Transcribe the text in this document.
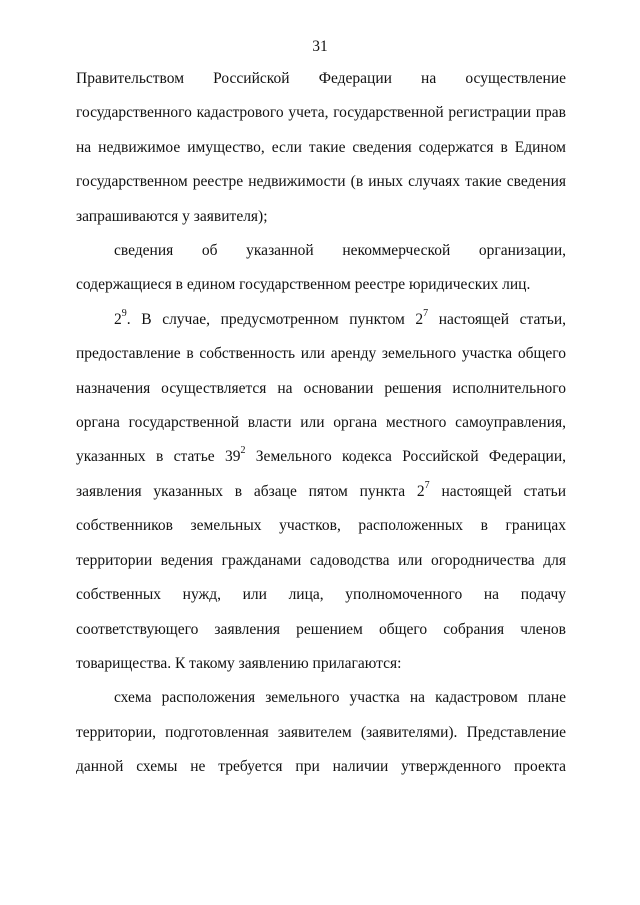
31

Правительством Российской Федерации на осуществление государственного кадастрового учета, государственной регистрации прав на недвижимое имущество, если такие сведения содержатся в Едином государственном реестре недвижимости (в иных случаях такие сведения запрашиваются у заявителя);

сведения об указанной некоммерческой организации, содержащиеся в едином государственном реестре юридических лиц.

$2^9$. В случае, предусмотренном пунктом $2^7$ настоящей статьи, предоставление в собственность или аренду земельного участка общего назначения осуществляется на основании решения исполнительного органа государственной власти или органа местного самоуправления, указанных в статье $39^2$ Земельного кодекса Российской Федерации, заявления указанных в абзаце пятом пункта $2^7$ настоящей статьи собственников земельных участков, расположенных в границах территории ведения гражданами садоводства или огородничества для собственных нужд, или лица, уполномоченного на подачу соответствующего заявления решением общего собрания членов товарищества. К такому заявлению прилагаются:

схема расположения земельного участка на кадастровом плане территории, подготовленная заявителем (заявителями). Представление данной схемы не требуется при наличии утвержденного проекта
